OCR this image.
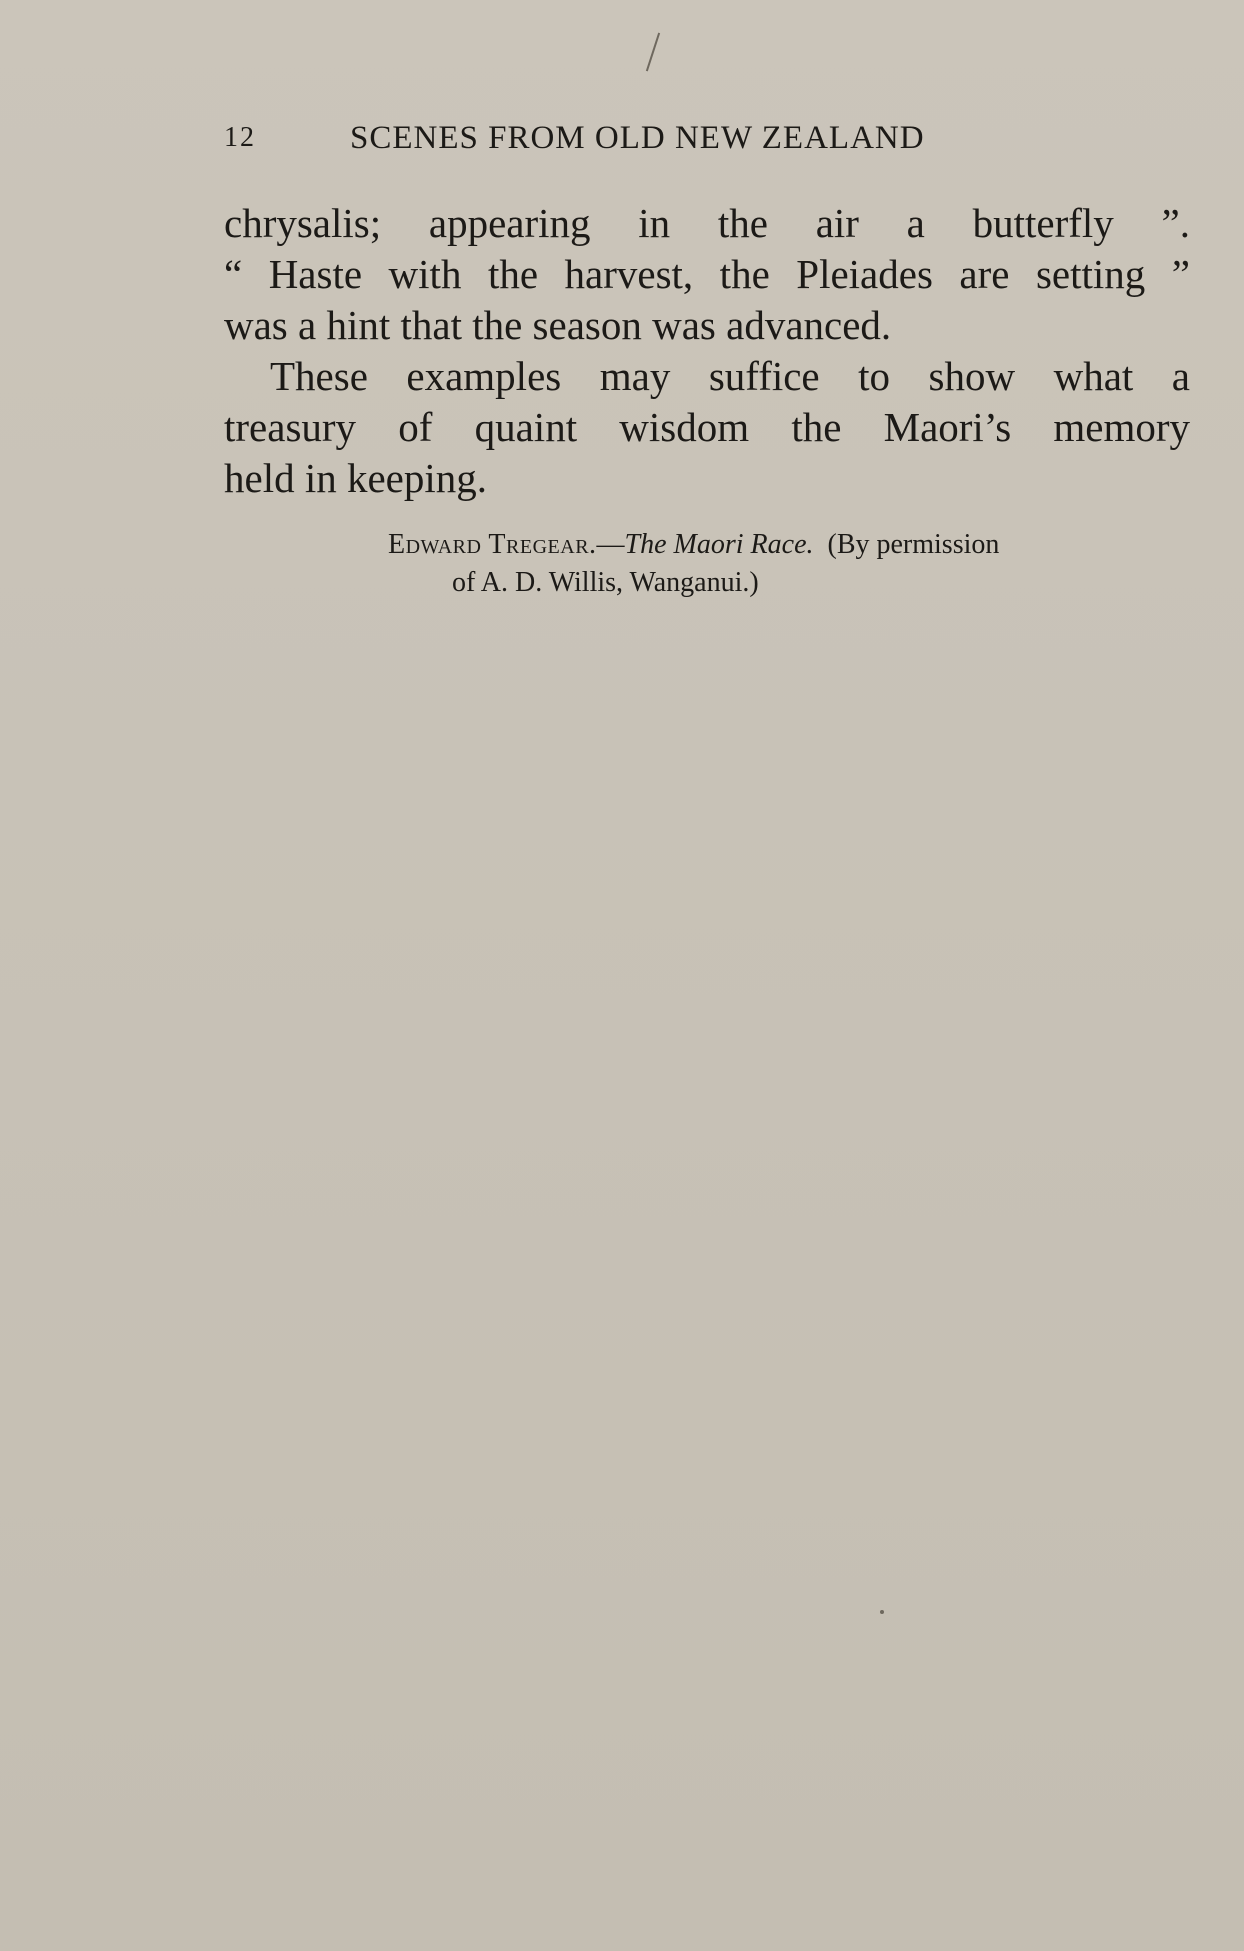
12	SCENES FROM OLD NEW ZEALAND
chrysalis; appearing in the air a butterfly ”.
“ Haste with the harvest, the Pleiades are setting ”
was a hint that the season was advanced.
These examples may suffice to show what a
treasury of quaint wisdom the Maori’s memory
held in keeping.
Edward Tregear.—The Maori Race. (By permission
of A. D. Willis, Wanganui.)
